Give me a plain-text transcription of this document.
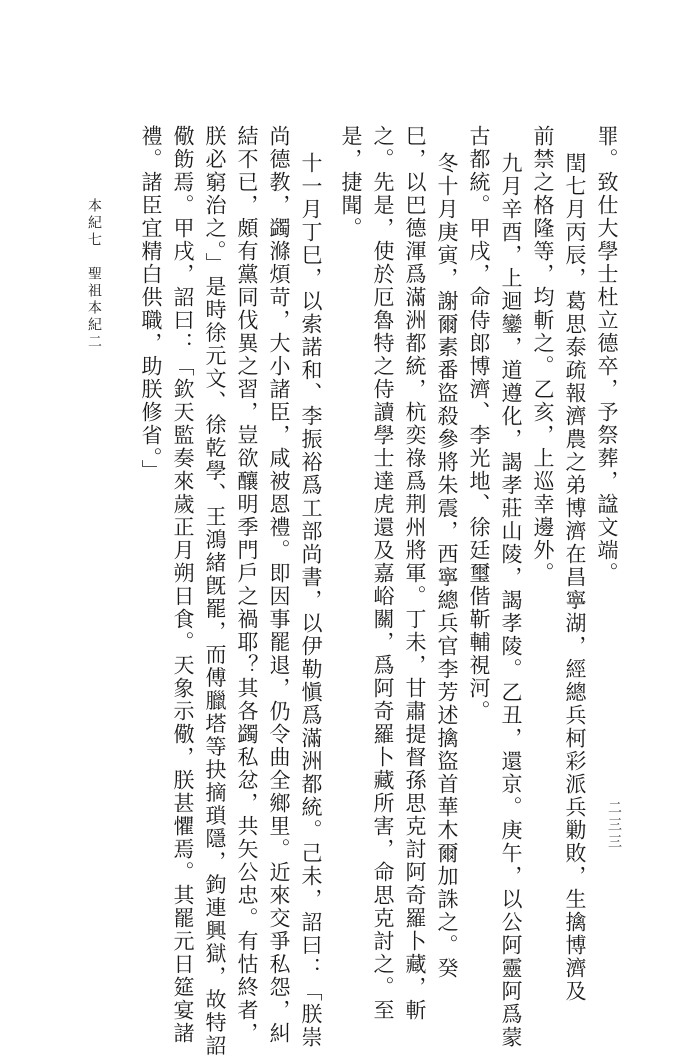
罪。致仕大學士杜立德卒，予祭葬，諡文端。
閏七月丙辰，葛思泰疏報濟農之弟博濟在昌寧湖，經總兵柯彩派兵勦敗，生擒博濟及
前禁之格隆等，均斬之。乙亥，上巡幸邊外。
九月辛酉，上迴鑾，道遵化，謁孝莊山陵，謁孝陵。乙丑，還京。庚午，以公阿靈阿爲蒙
古都統。甲戌，命侍郎博濟、李光地、徐廷璽偕靳輔視河。
冬十月庚寅，謝爾素番盜殺參將朱震，西寧總兵官李芳述擒盜首華木爾加誅之。癸
巳，以巴德渾爲滿洲都統，杭奕祿爲荆州將軍。丁未，甘肅提督孫思克討阿奇羅卜藏，斬
之。先是，使於厄魯特之侍讀學士達虎還及嘉峪關，爲阿奇羅卜藏所害，命思克討之。至
是，捷聞。
十一月丁巳，以索諾和、李振裕爲工部尚書，以伊勒愼爲滿洲都統。己未，詔曰：「朕崇
尚德教，蠲滌煩苛，大小諸臣，咸被恩禮。即因事罷退，仍令曲全鄉里。近來交爭私怨，糾
結不已，頗有黨同伐異之習，豈欲釀明季門戶之禍耶？其各蠲私忿，共矢公忠。有怙終者，
朕必窮治之。」是時徐元文、徐乾學、王鴻緒旣罷，而傅臘塔等抉摘瑣隱，鉤連興獄，故特詔
儆飭焉。甲戌，詔曰：「欽天監奏來歲正月朔日食。天象示儆，朕甚懼焉。其罷元日筵宴諸
禮。諸臣宜精白供職，助朕修省。」
本紀七　聖祖本紀二
二三三
